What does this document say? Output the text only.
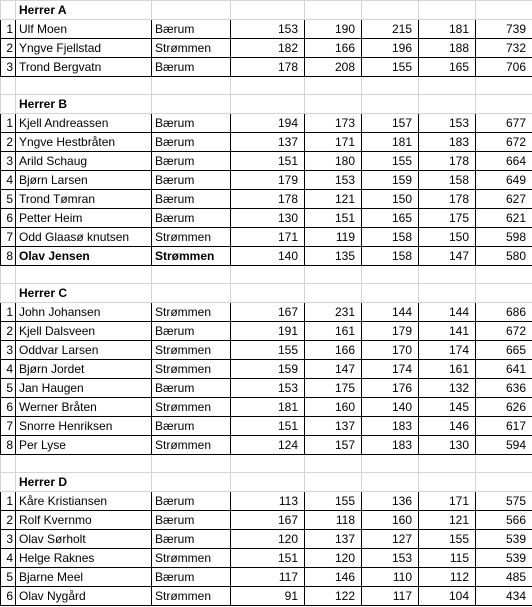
	Herrer A						
1	Ulf Moen	Bærum	153	190	215	181	739
2	Yngve Fjellstad	Strømmen	182	166	196	188	732
3	Trond Bergvatn	Bærum	178	208	155	165	706

	Herrer B						
1	Kjell Andreassen	Bærum	194	173	157	153	677
2	Yngve Hestbråten	Bærum	137	171	181	183	672
3	Arild Schaug	Bærum	151	180	155	178	664
4	Bjørn Larsen	Bærum	179	153	159	158	649
5	Trond Tømran	Bærum	178	121	150	178	627
6	Petter Heim	Bærum	130	151	165	175	621
7	Odd Glaasø knutsen	Strømmen	171	119	158	150	598
8	Olav Jensen	Strømmen	140	135	158	147	580

	Herrer C						
1	John Johansen	Strømmen	167	231	144	144	686
2	Kjell Dalsveen	Bærum	191	161	179	141	672
3	Oddvar Larsen	Strømmen	155	166	170	174	665
4	Bjørn Jordet	Strømmen	159	147	174	161	641
5	Jan Haugen	Bærum	153	175	176	132	636
6	Werner Bråten	Strømmen	181	160	140	145	626
7	Snorre Henriksen	Bærum	151	137	183	146	617
8	Per Lyse	Strømmen	124	157	183	130	594

	Herrer D						
1	Kåre Kristiansen	Bærum	113	155	136	171	575
2	Rolf Kvernmo	Bærum	167	118	160	121	566
3	Olav Sørholt	Bærum	120	137	127	155	539
4	Helge Raknes	Strømmen	151	120	153	115	539
5	Bjarne Meel	Bærum	117	146	110	112	485
6	Olav Nygård	Strømmen	91	122	117	104	434
